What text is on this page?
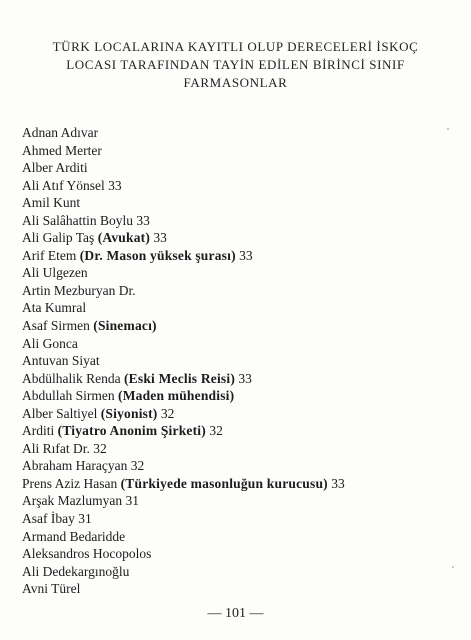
TÜRK LOCALARINA KAYITLI OLUP DERECELERİ İSKOÇ
LOCASI TARAFINDAN TAYİN EDİLEN BİRİNCİ SINIF
FARMASONLAR
Adnan Adıvar
Ahmed Merter
Alber Arditi
Ali Atıf Yönsel 33
Amil Kunt
Ali Salâhattin Boylu 33
Ali Galip Taş (Avukat) 33
Arif Etem (Dr. Mason yüksek şurası) 33
Ali Ulgezen
Artin Mezburyan Dr.
Ata Kumral
Asaf Sirmen (Sinemacı)
Ali Gonca
Antuvan Siyat
Abdülhalik Renda (Eski Meclis Reisi) 33
Abdullah Sirmen (Maden mühendisi)
Alber Saltiyel (Siyonist) 32
Arditi (Tiyatro Anonim Şirketi) 32
Ali Rıfat Dr. 32
Abraham Haraçyan 32
Prens Aziz Hasan (Türkiyede masonluğun kurucusu) 33
Arşak Mazlumyan 31
Asaf İbay 31
Armand Bedaridde
Aleksandros Hocopolos
Ali Dedekargınoğlu
Avni Türel
— 101 —
